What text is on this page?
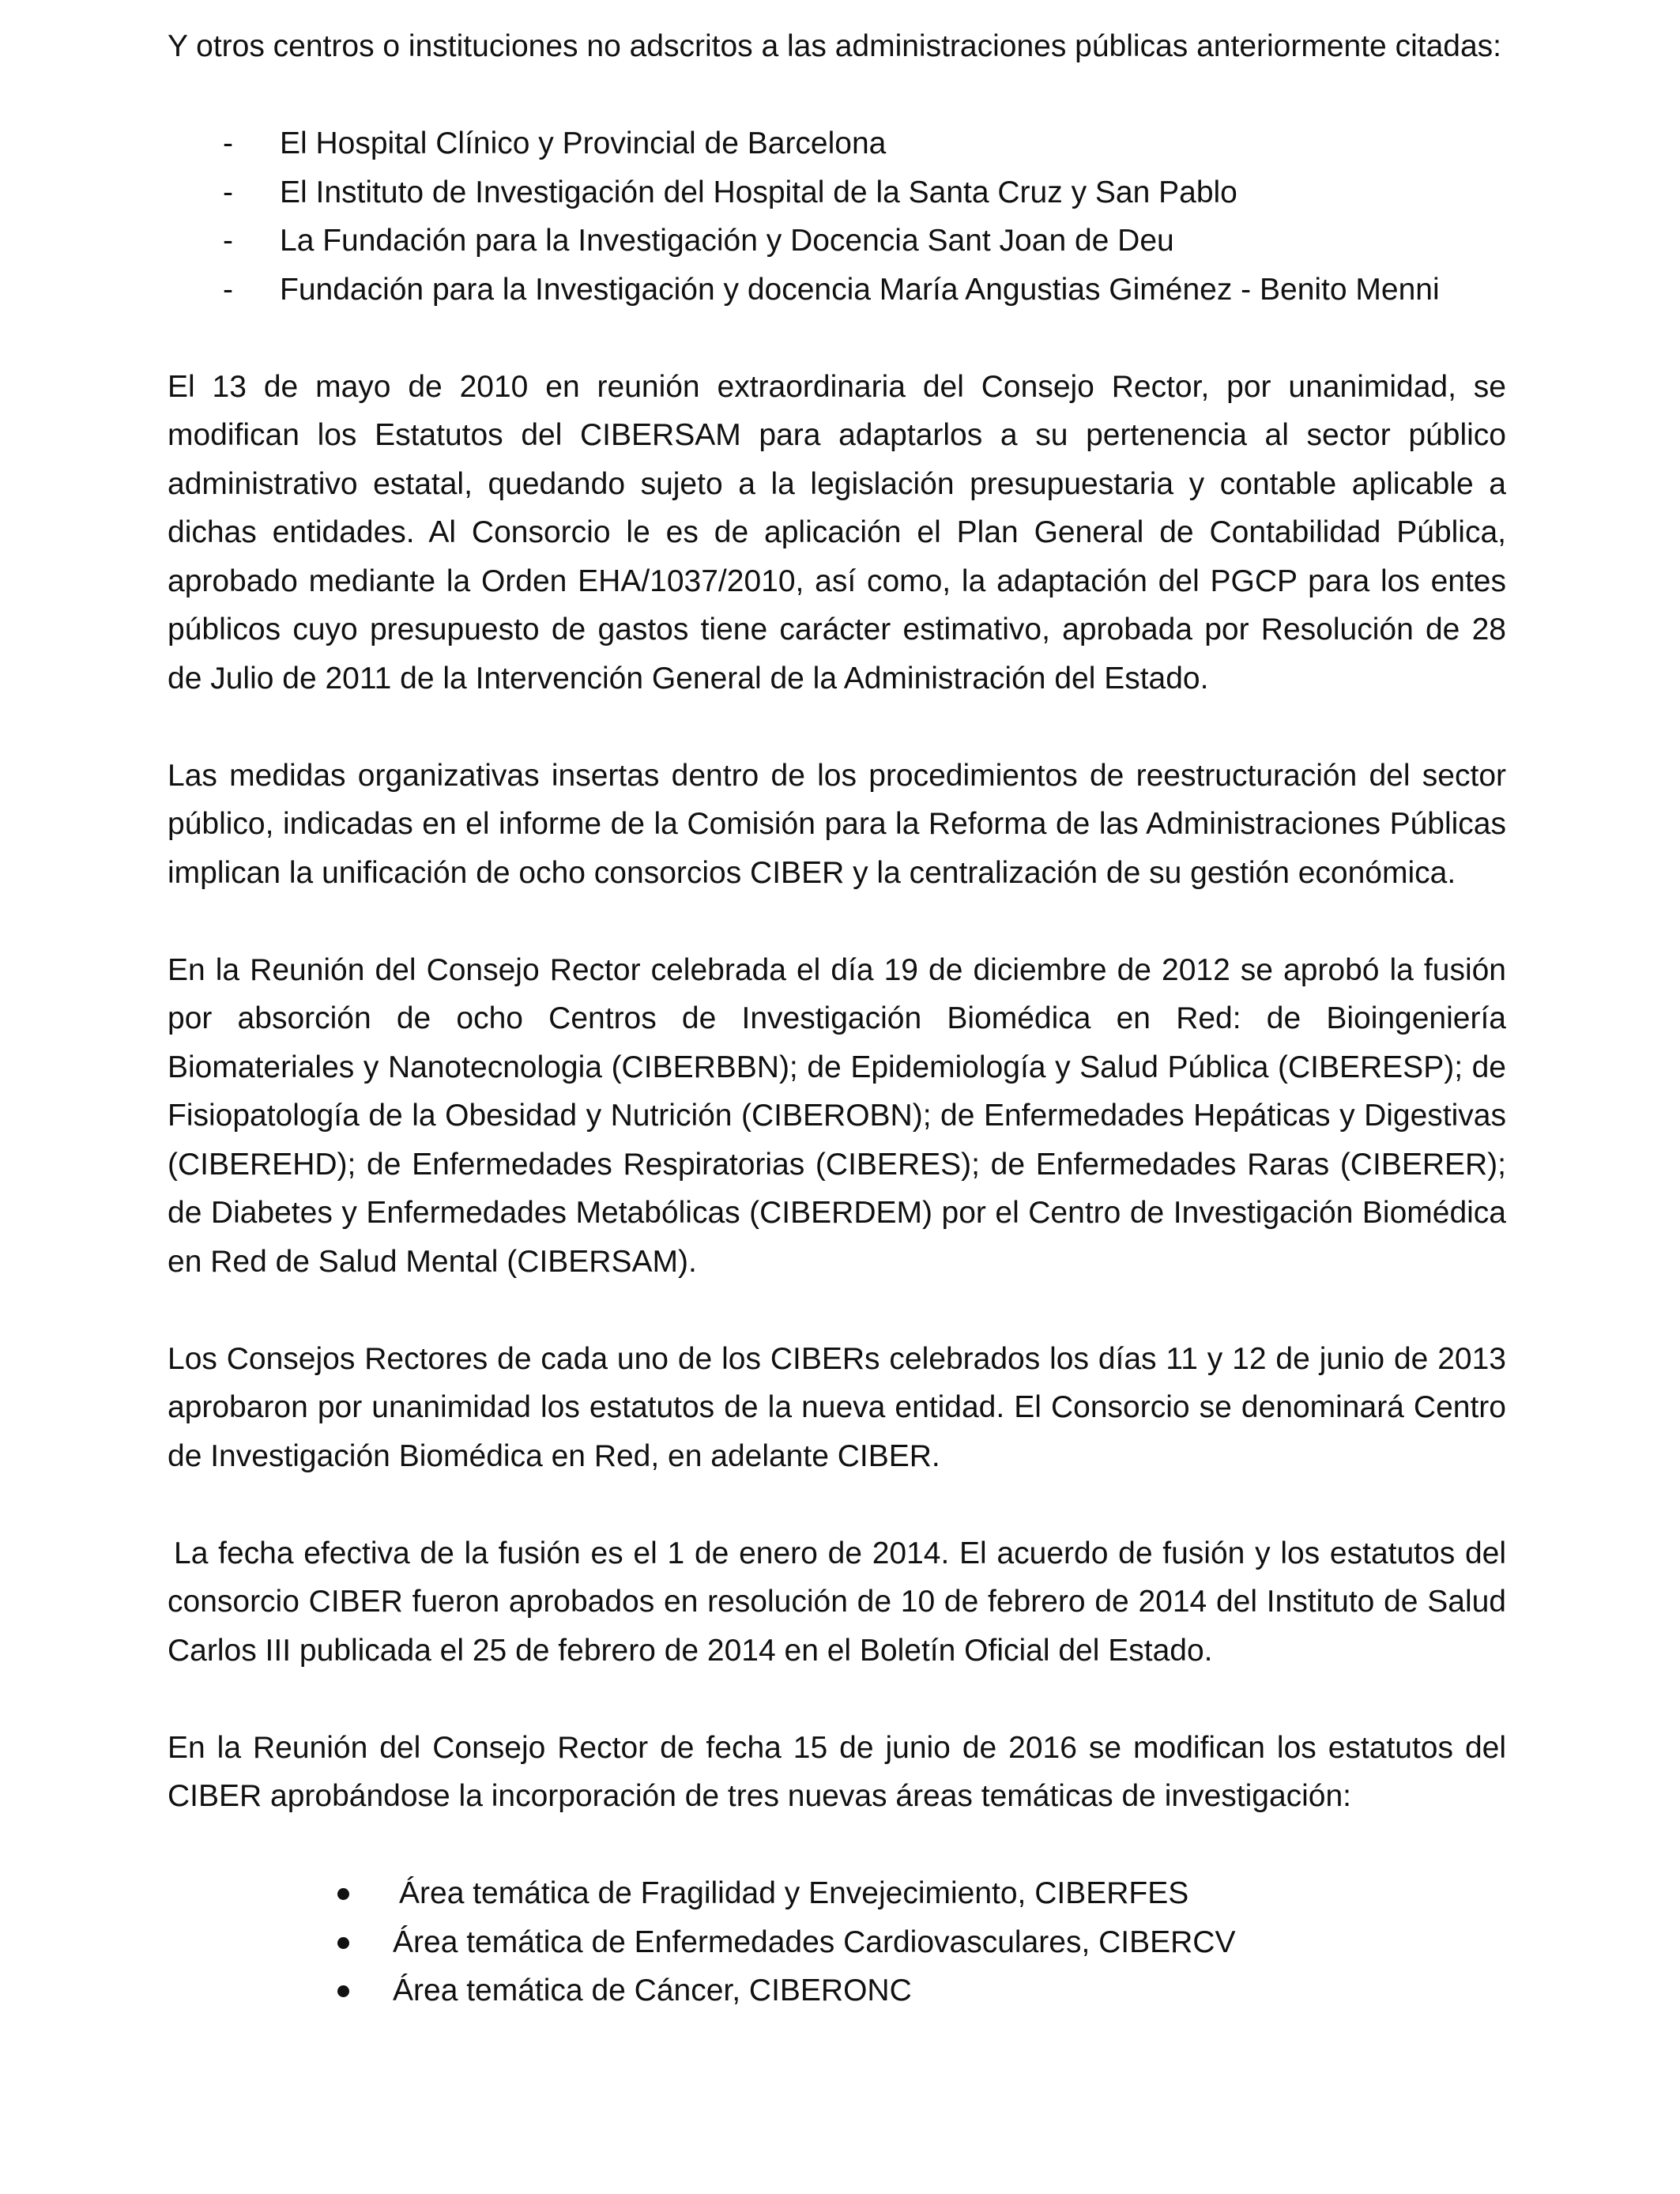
Y otros centros o instituciones no adscritos a las administraciones públicas anteriormente citadas:

- El Hospital Clínico y Provincial de Barcelona
- El Instituto de Investigación del Hospital de la Santa Cruz y San Pablo
- La Fundación para la Investigación y Docencia Sant Joan de Deu
- Fundación para la Investigación y docencia María Angustias Giménez - Benito Menni

El 13 de mayo de 2010 en reunión extraordinaria del Consejo Rector, por unanimidad, se modifican los Estatutos del CIBERSAM para adaptarlos a su pertenencia al sector público administrativo estatal, quedando sujeto a la legislación presupuestaria y contable aplicable a dichas entidades. Al Consorcio le es de aplicación el Plan General de Contabilidad Pública, aprobado mediante la Orden EHA/1037/2010, así como, la adaptación del PGCP para los entes públicos cuyo presupuesto de gastos tiene carácter estimativo, aprobada por Resolución de 28 de Julio de 2011 de la Intervención General de la Administración del Estado.

Las medidas organizativas insertas dentro de los procedimientos de reestructuración del sector público, indicadas en el informe de la Comisión para la Reforma de las Administraciones Públicas implican la unificación de ocho consorcios CIBER y la centralización de su gestión económica.

En la Reunión del Consejo Rector celebrada el día 19 de diciembre de 2012 se aprobó la fusión por absorción de ocho Centros de Investigación Biomédica en Red: de Bioingeniería Biomateriales y Nanotecnologia (CIBERBBN); de Epidemiología y Salud Pública (CIBERESP); de Fisiopatología de la Obesidad y Nutrición (CIBEROBN); de Enfermedades Hepáticas y Digestivas (CIBEREHD); de Enfermedades Respiratorias (CIBERES); de Enfermedades Raras (CIBERER); de Diabetes y Enfermedades Metabólicas (CIBERDEM) por el Centro de Investigación Biomédica en Red de Salud Mental (CIBERSAM).

Los Consejos Rectores de cada uno de los CIBERs celebrados los días 11 y 12 de junio de 2013 aprobaron por unanimidad los estatutos de la nueva entidad. El Consorcio se denominará Centro de Investigación Biomédica en Red, en adelante CIBER.

La fecha efectiva de la fusión es el 1 de enero de 2014. El acuerdo de fusión y los estatutos del consorcio CIBER fueron aprobados en resolución de 10 de febrero de 2014 del Instituto de Salud Carlos III publicada el 25 de febrero de 2014 en el Boletín Oficial del Estado.

En la Reunión del Consejo Rector de fecha 15 de junio de 2016 se modifican los estatutos del CIBER aprobándose la incorporación de tres nuevas áreas temáticas de investigación:

Área temática de Fragilidad y Envejecimiento, CIBERFES
Área temática de Enfermedades Cardiovasculares, CIBERCV
Área temática de Cáncer, CIBERONC
